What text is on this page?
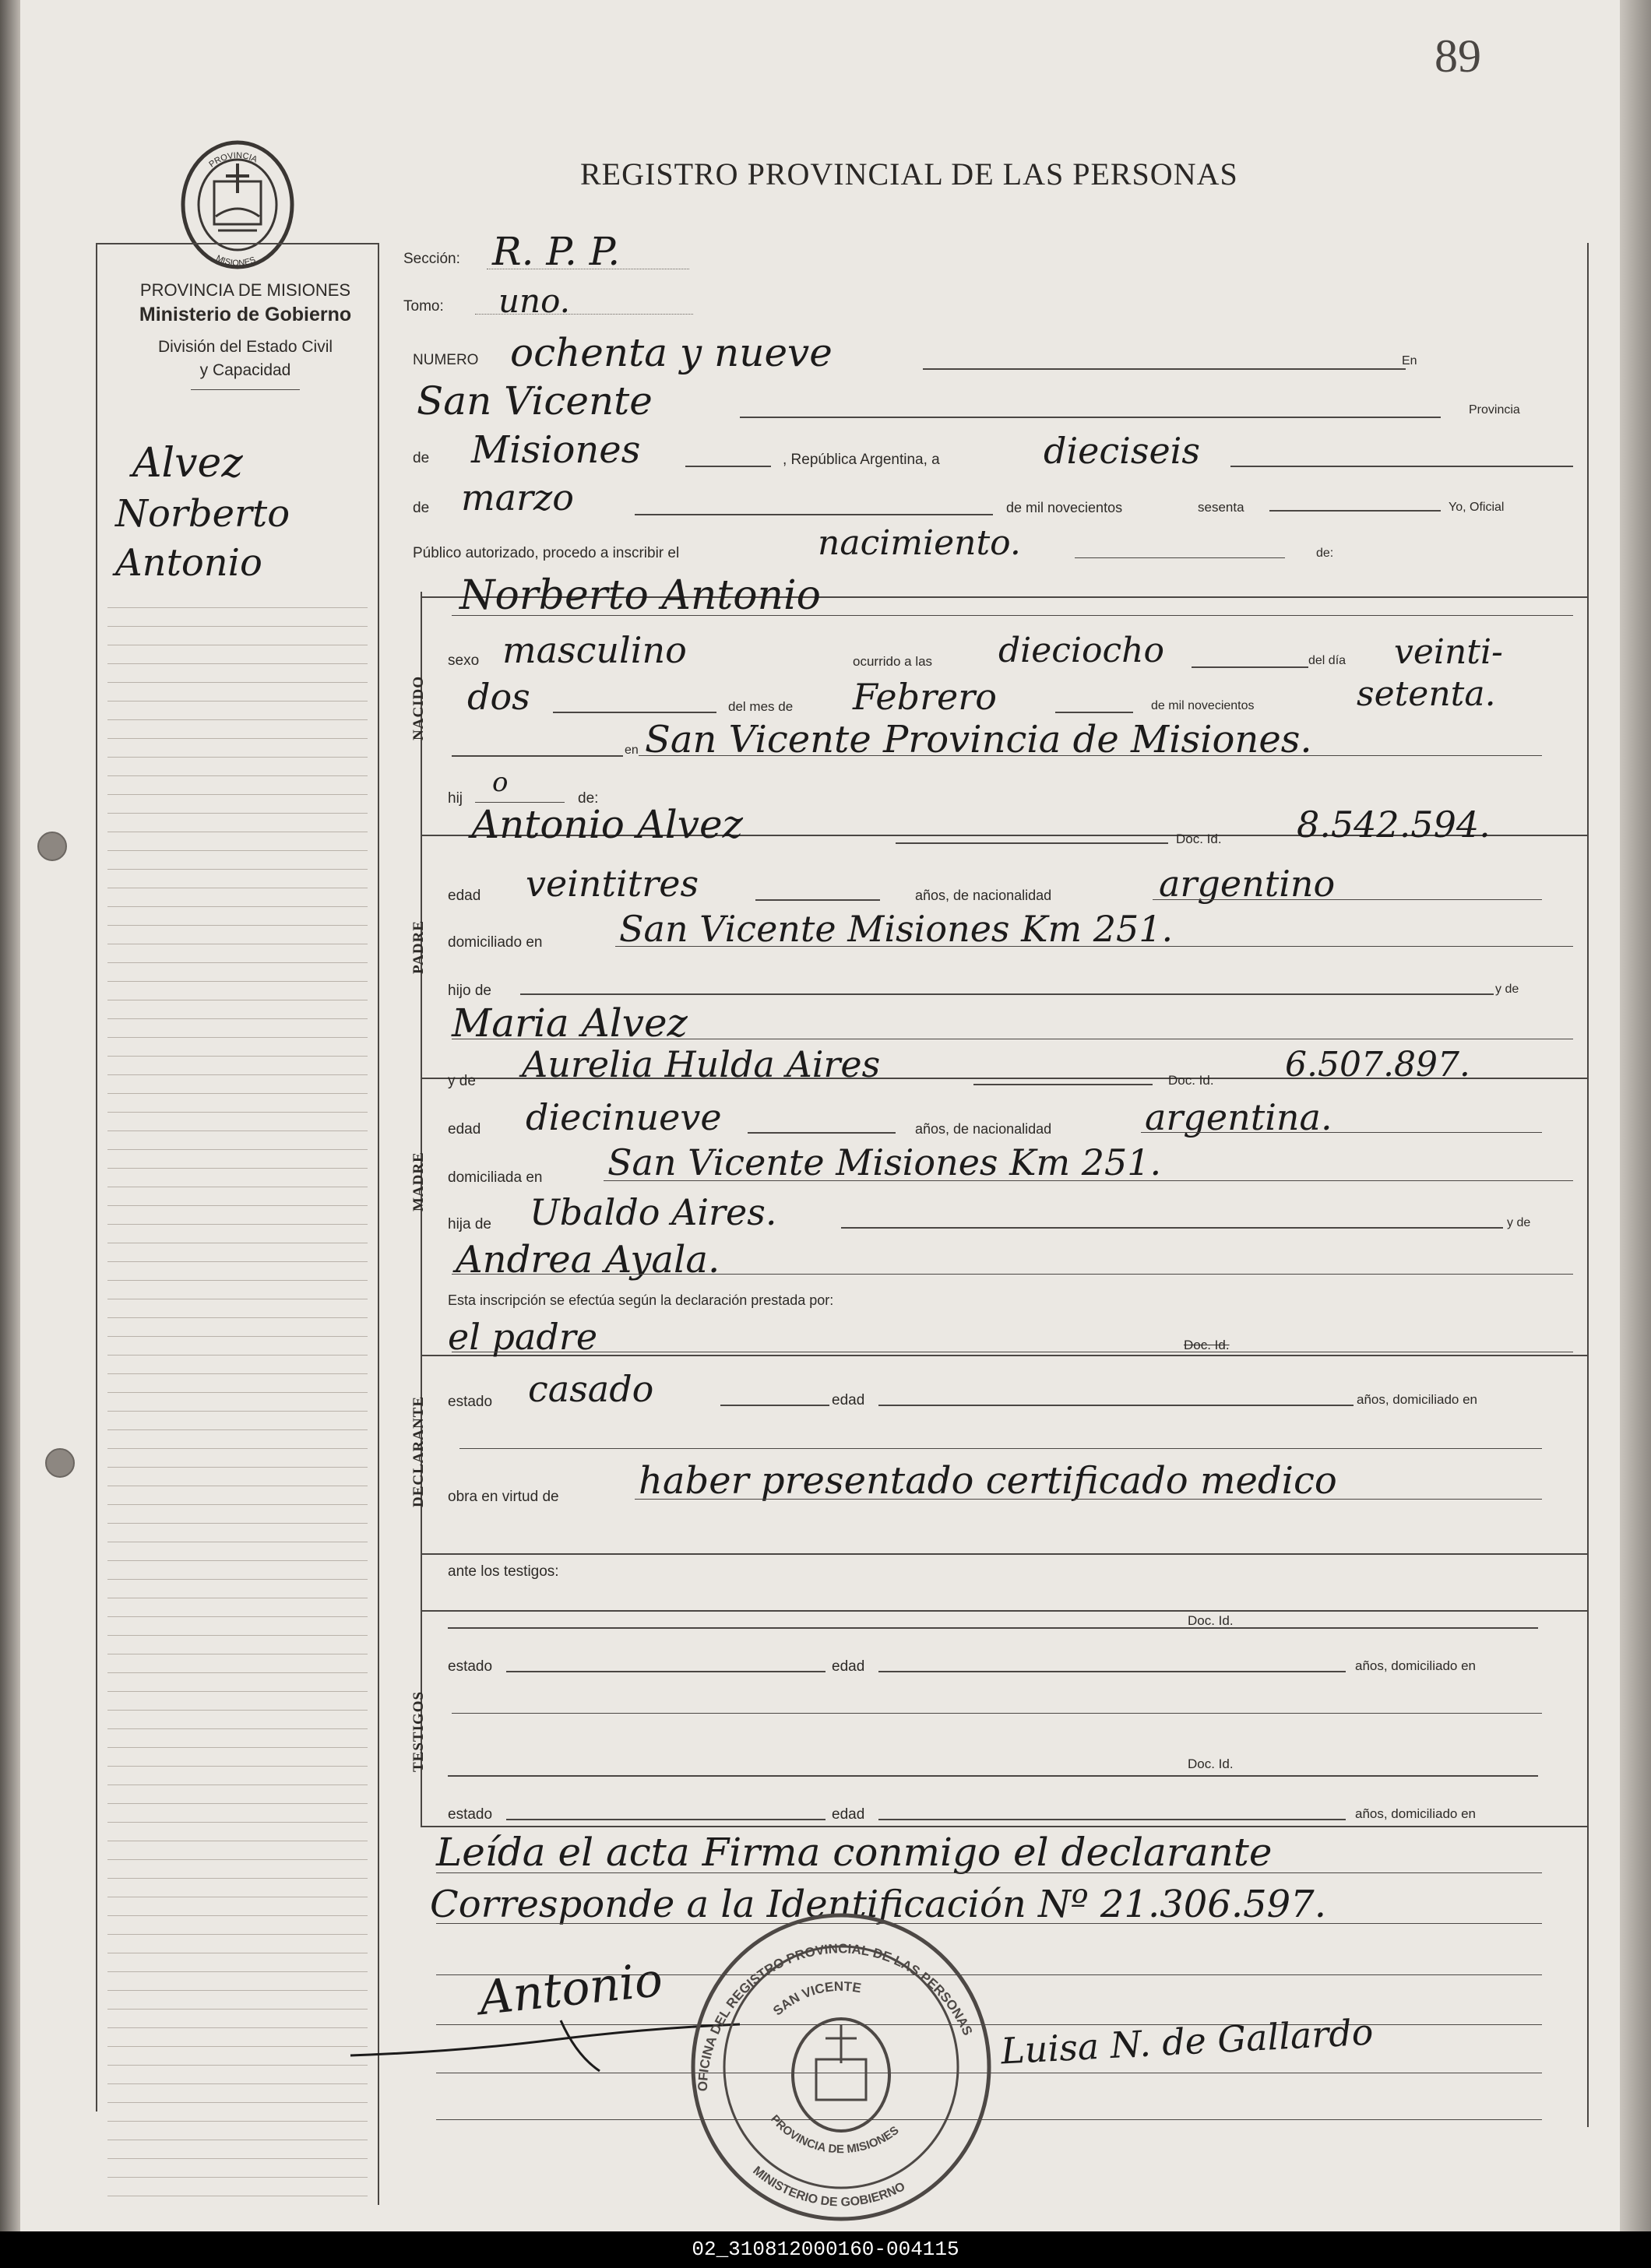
89
REGISTRO PROVINCIAL DE LAS PERSONAS
PROVINCIA
MISIONES
PROVINCIA DE MISIONES
Ministerio de Gobierno
División del Estado Civil
y Capacidad
Alvez
Norberto
Antonio
NACIDO
PADRE
MADRE
DECLARANTE
TESTIGOS
Sección: R. P. P.
Tomo: uno.
NUMERO ochenta y nueve	En
San Vicente	Provincia
de Misiones	, República Argentina, a	dieciseis
de marzo	de mil novecientos	sesenta	Yo, Oficial
Público autorizado, procedo a inscribir el	nacimiento.	de:
Norberto Antonio
sexo masculino	ocurrido a las dieciocho	del día veinti-
dos	del mes de Febrero	de mil novecientos	setenta.
en San Vicente Provincia de Misiones.
hij
o
de:
Antonio Alvez	Doc. Id. 8.542.594.
edad veintitres	años, de nacionalidad	argentino
domiciliado en San Vicente Misiones Km 251.
hijo de	y de
Maria Alvez
y de Aurelia Hulda Aires	Doc. Id. 6.507.897.
edad diecinueve	años, de nacionalidad	argentina.
domiciliada en San Vicente Misiones Km 251.
hija de Ubaldo Aires.	y de
Andrea Ayala.
Esta inscripción se efectúa según la declaración prestada por:
el padre	Doc. Id.
estado casado	edad	años, domiciliado en
obra en virtud de haber presentado certificado medico
ante los testigos:
Doc. Id.
estado	edad	años, domiciliado en
Doc. Id.
estado	edad	años, domiciliado en
Leída el acta Firma conmigo el declarante
Corresponde a la Identificación Nº 21.306.597.
Antonio
Luisa N. de Gallardo
OFICINA DEL REGISTRO PROVINCIAL DE LAS PERSONAS
SAN VICENTE
PROVINCIA DE MISIONES
MINISTERIO DE GOBIERNO
02_310812000160-004115
